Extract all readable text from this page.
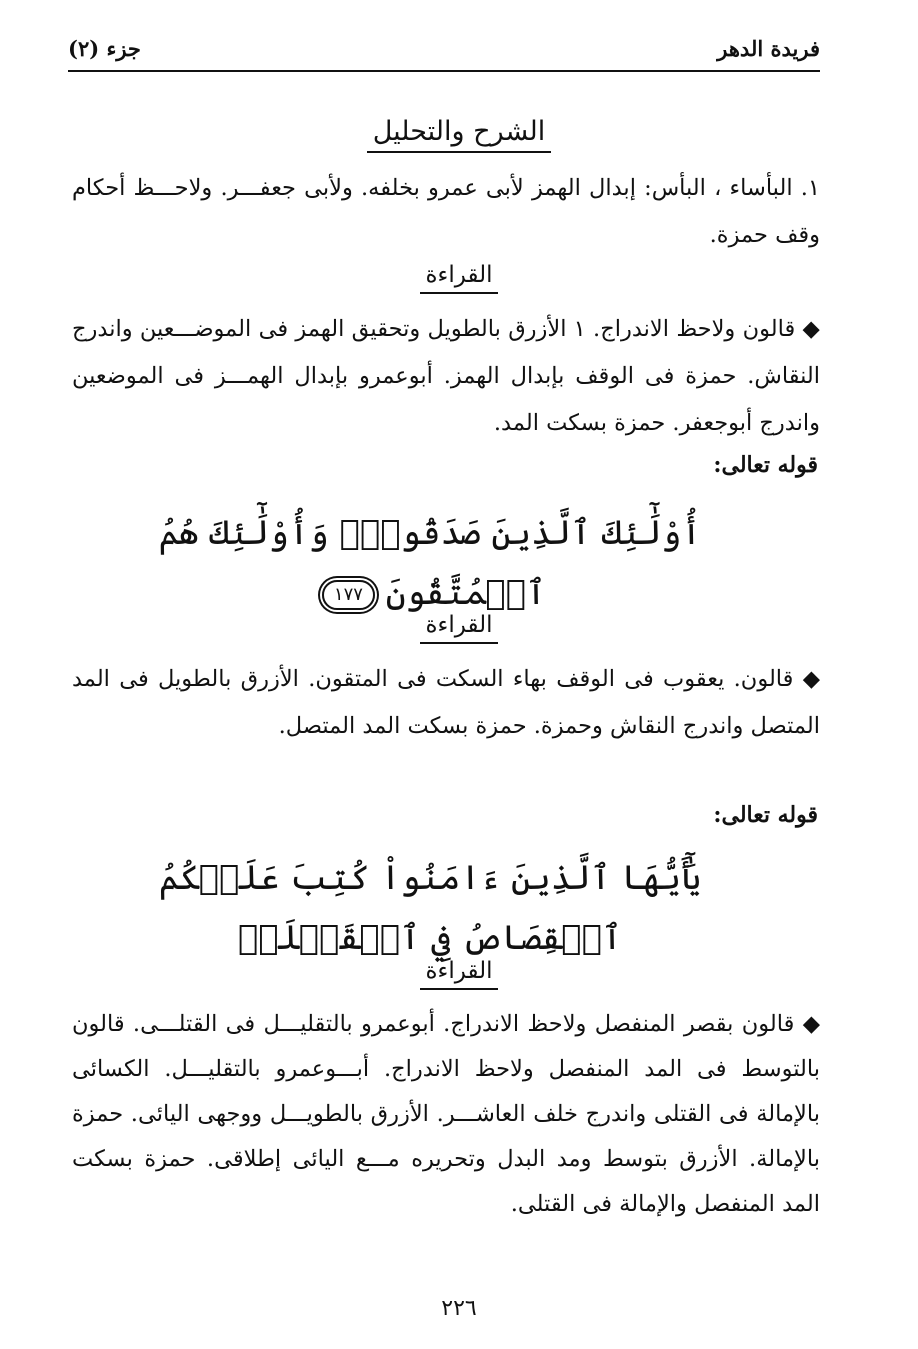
فريدة الدهر
جزء (٢)
الشرح والتحليل
١. البأساء ، البأس: إبدال الهمز لأبى عمرو بخلفه. ولأبى جعفـــر. ولاحـــظ أحكام وقف حمزة.
القراءة
◆ قالون ولاحظ الاندراج. ١ الأزرق بالطويل وتحقيق الهمز فى الموضـــعين واندرج النقاش. حمزة فى الوقف بإبدال الهمز. أبوعمرو بإبدال الهمـــز فى الموضعين واندرج أبوجعفر. حمزة بسكت المد.
قوله تعالى:
أُوْلَٰٓئِكَ ٱلَّذِينَ صَدَقُواْۖ وَأُوْلَٰٓئِكَ هُمُ ٱلۡمُتَّقُونَ ١٧٧
القراءة
◆ قالون. يعقوب فى الوقف بهاء السكت فى المتقون. الأزرق بالطويل فى المد المتصل واندرج النقاش وحمزة. حمزة بسكت المد المتصل.
قوله تعالى:
يَٰٓأَيُّهَا ٱلَّذِينَ ءَامَنُواْ كُتِبَ عَلَيۡكُمُ ٱلۡقِصَاصُ فِي ٱلۡقَتۡلَىۖ
القراءة
◆ قالون بقصر المنفصل ولاحظ الاندراج. أبوعمرو بالتقليـــل فى القتلـــى. قالون بالتوسط فى المد المنفصل ولاحظ الاندراج. أبـــوعمرو بالتقليـــل. الكسائى بالإمالة فى القتلى واندرج خلف العاشـــر. الأزرق بالطويـــل ووجهى اليائى. حمزة بالإمالة. الأزرق بتوسط ومد البدل وتحريره مـــع اليائى إطلاقى. حمزة بسكت المد المنفصل والإمالة فى القتلى.
٢٢٦
